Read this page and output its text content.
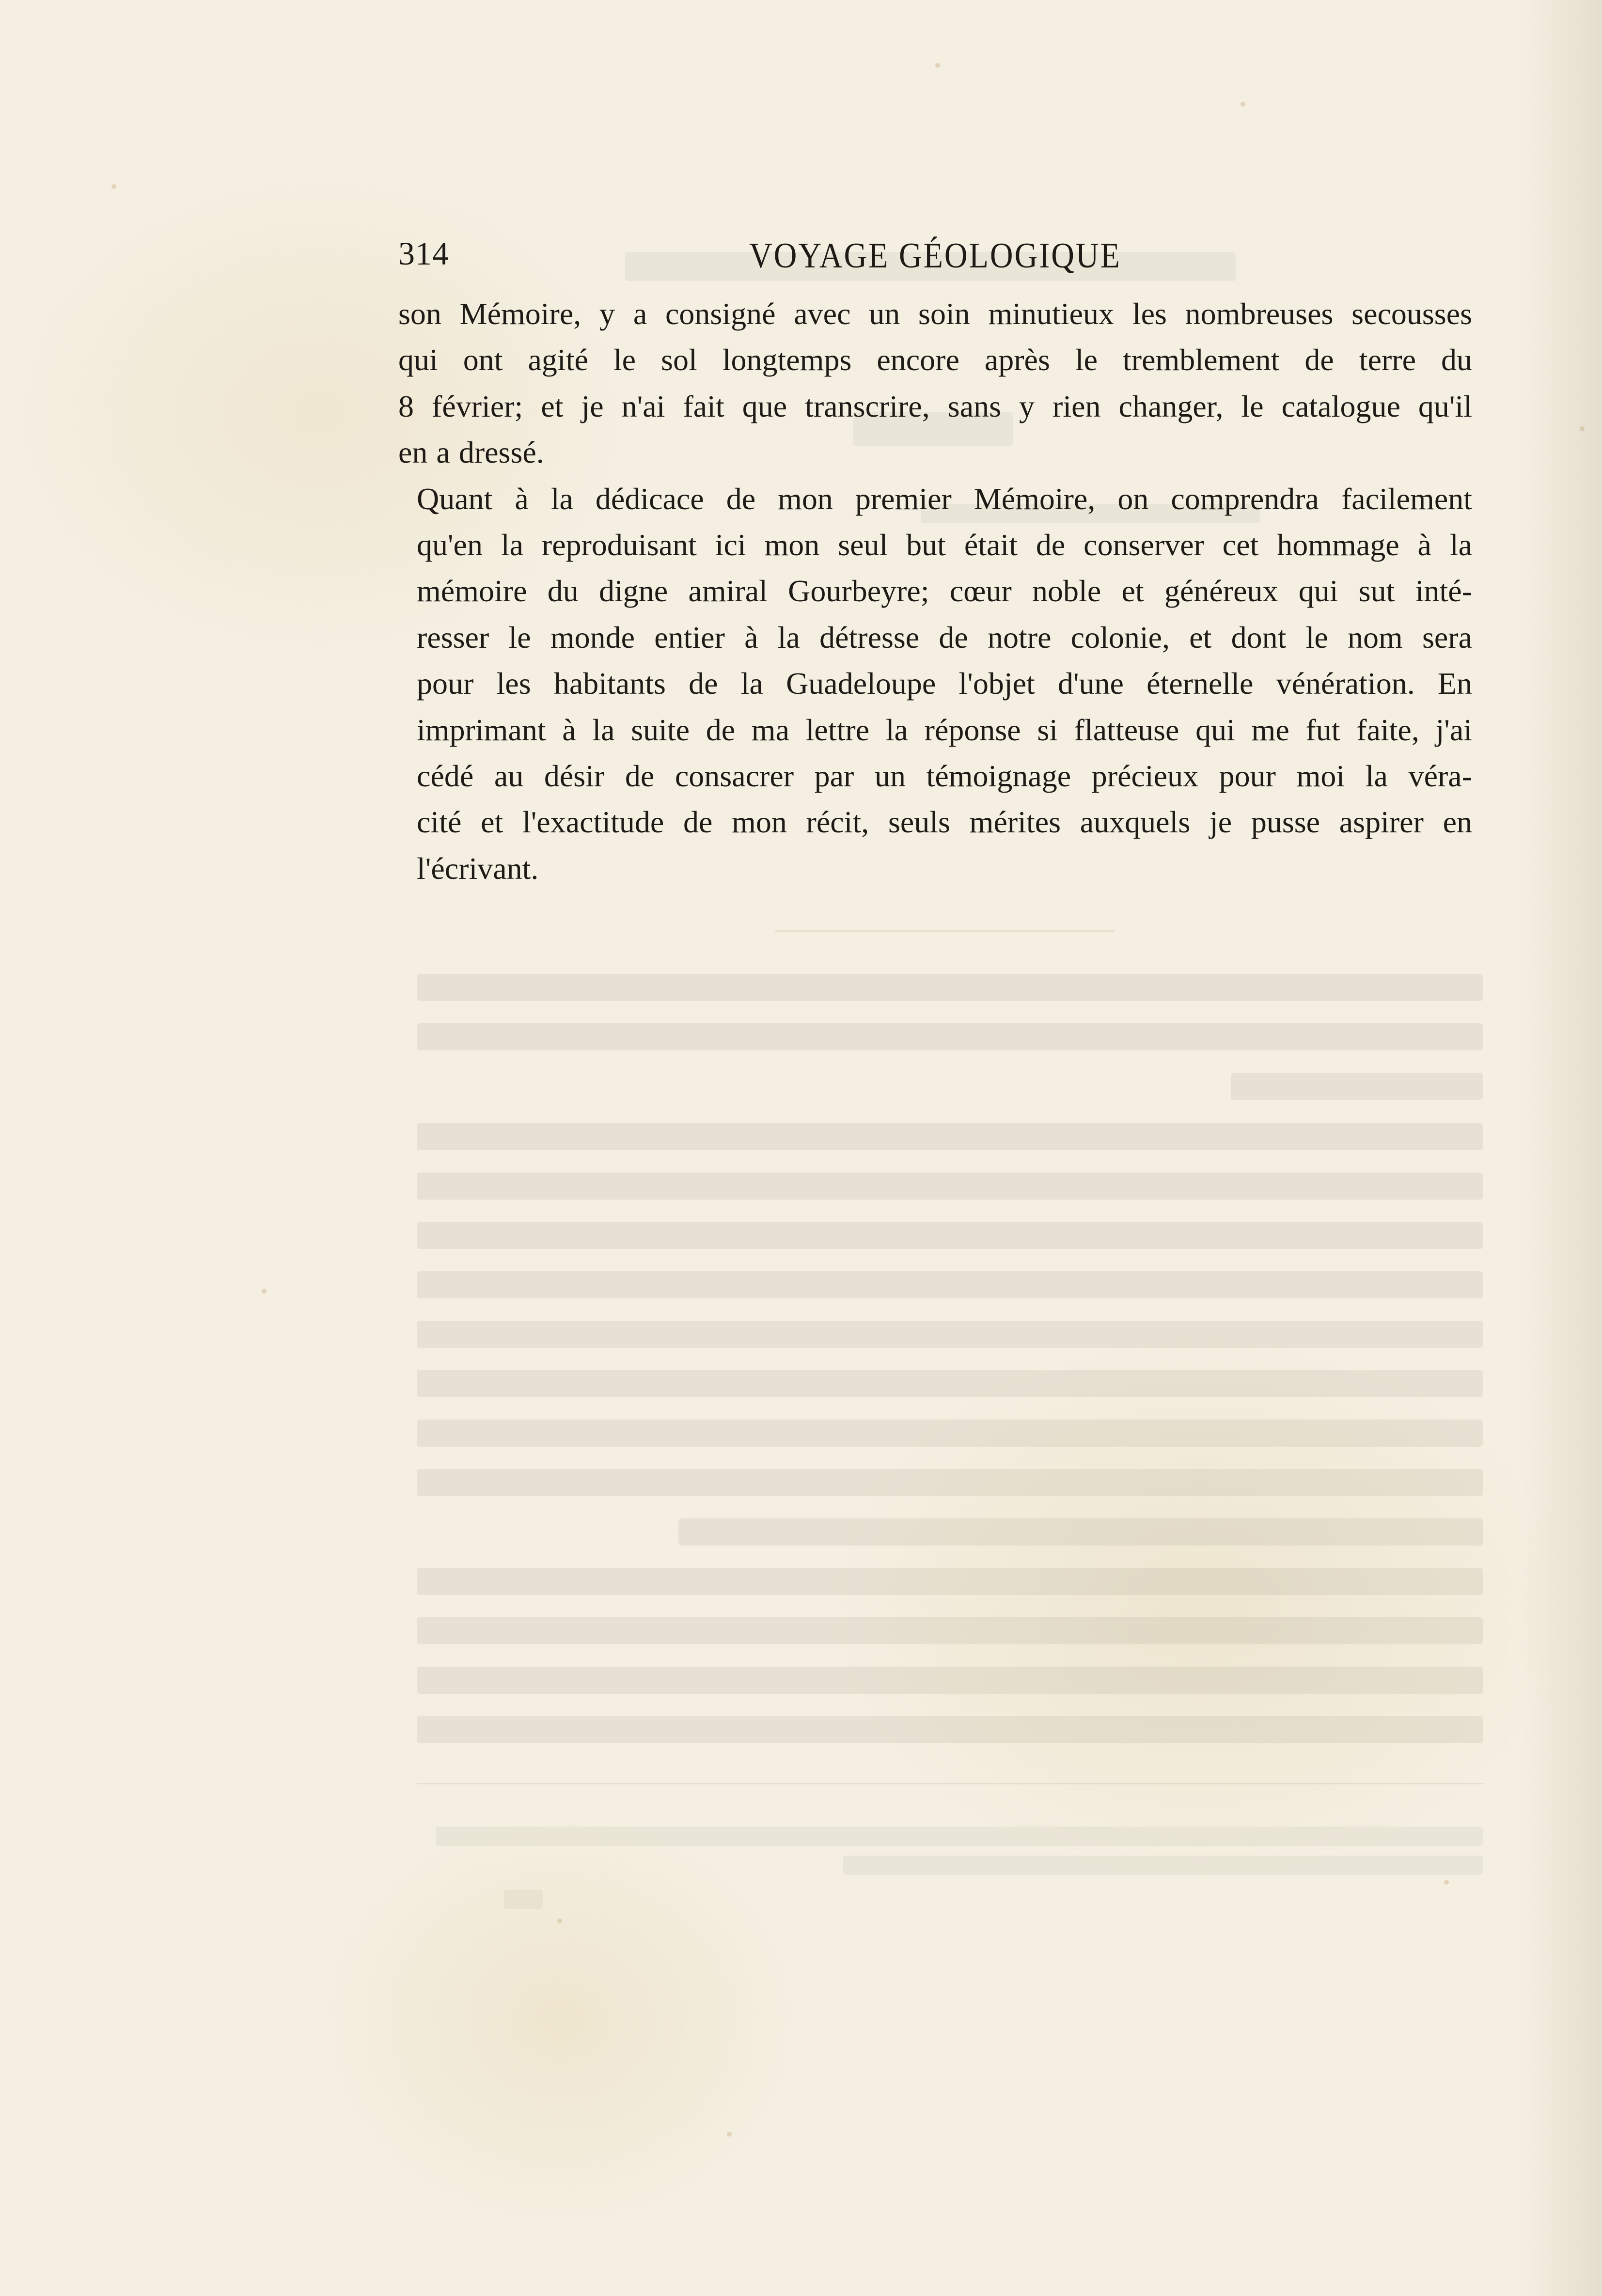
314	VOYAGE GÉOLOGIQUE

son Mémoire, y a consigné avec un soin minutieux les nombreuses secousses
qui ont agité le sol longtemps encore après le tremblement de terre du
8 février; et je n'ai fait que transcrire, sans y rien changer, le catalogue qu'il
en a dressé.

Quant à la dédicace de mon premier Mémoire, on comprendra facilement
qu'en la reproduisant ici mon seul but était de conserver cet hommage à la
mémoire du digne amiral Gourbeyre; cœur noble et généreux qui sut inté-
resser le monde entier à la détresse de notre colonie, et dont le nom sera
pour les habitants de la Guadeloupe l'objet d'une éternelle vénération. En
imprimant à la suite de ma lettre la réponse si flatteuse qui me fut faite, j'ai
cédé au désir de consacrer par un témoignage précieux pour moi la véra-
cité et l'exactitude de mon récit, seuls mérites auxquels je pusse aspirer en
l'écrivant.
